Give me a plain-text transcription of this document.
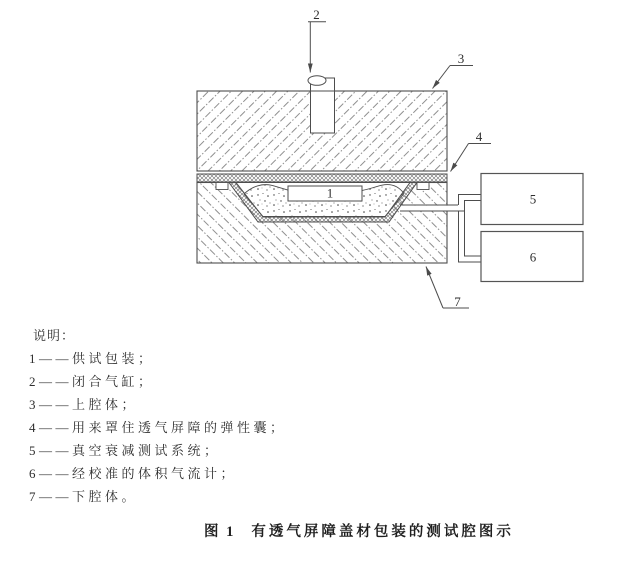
1	5
6
2
3
4
7
说明：
1——供试包装；
2——闭合气缸；
3——上腔体；
4——用来罩住透气屏障的弹性囊；
5——真空衰减测试系统；
6——经校准的体积气流计；
7——下腔体。
图 1 有透气屏障盖材包装的测试腔图示
